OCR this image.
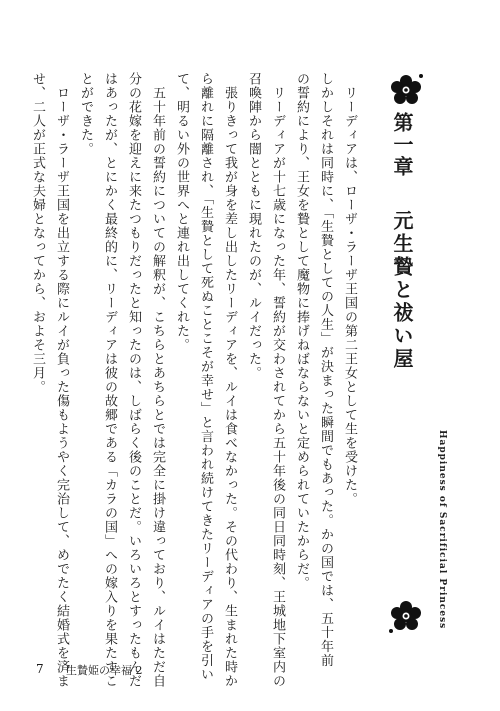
第一章
元生贄と祓い屋
Happiness of Sacrificial Princess
　リーディアは、ローザ・ラーザ王国の第二王女として生を受けた。
しかしそれは同時に、「生贄としての人生」が決まった瞬間でもあった。かの国では、五十年前
の誓約により、王女を贄として魔物に捧げねばならないと定められていたからだ。
　リーディアが十七歳になった年、誓約が交わされてから五十年後の同日同時刻、王城地下室内の
召喚陣から闇とともに現れたのが、ルイだった。
　張りきって我が身を差し出したリーディアを、ルイは食べなかった。その代わり、生まれた時か
ら離れに隔離され、「生贄として死ぬことこそが幸せ」と言われ続けてきたリーディアの手を引い
て、明るい外の世界へと連れ出してくれた。
　五十年前の誓約についての解釈が、こちらとあちらとでは完全に掛け違っており、ルイはただ自
分の花嫁を迎えに来たつもりだったと知ったのは、しばらく後のことだ。いろいろとすったもんだ
はあったが、とにかく最終的に、リーディアは彼の故郷である「カラの国」への嫁入りを果たすこ
とができた。
　ローザ・ラーザ王国を出立する際にルイが負った傷もようやく完治して、めでたく結婚式を済ま
せ、二人が正式な夫婦となってから、およそ三月。
7 生贄姫の幸福 2
